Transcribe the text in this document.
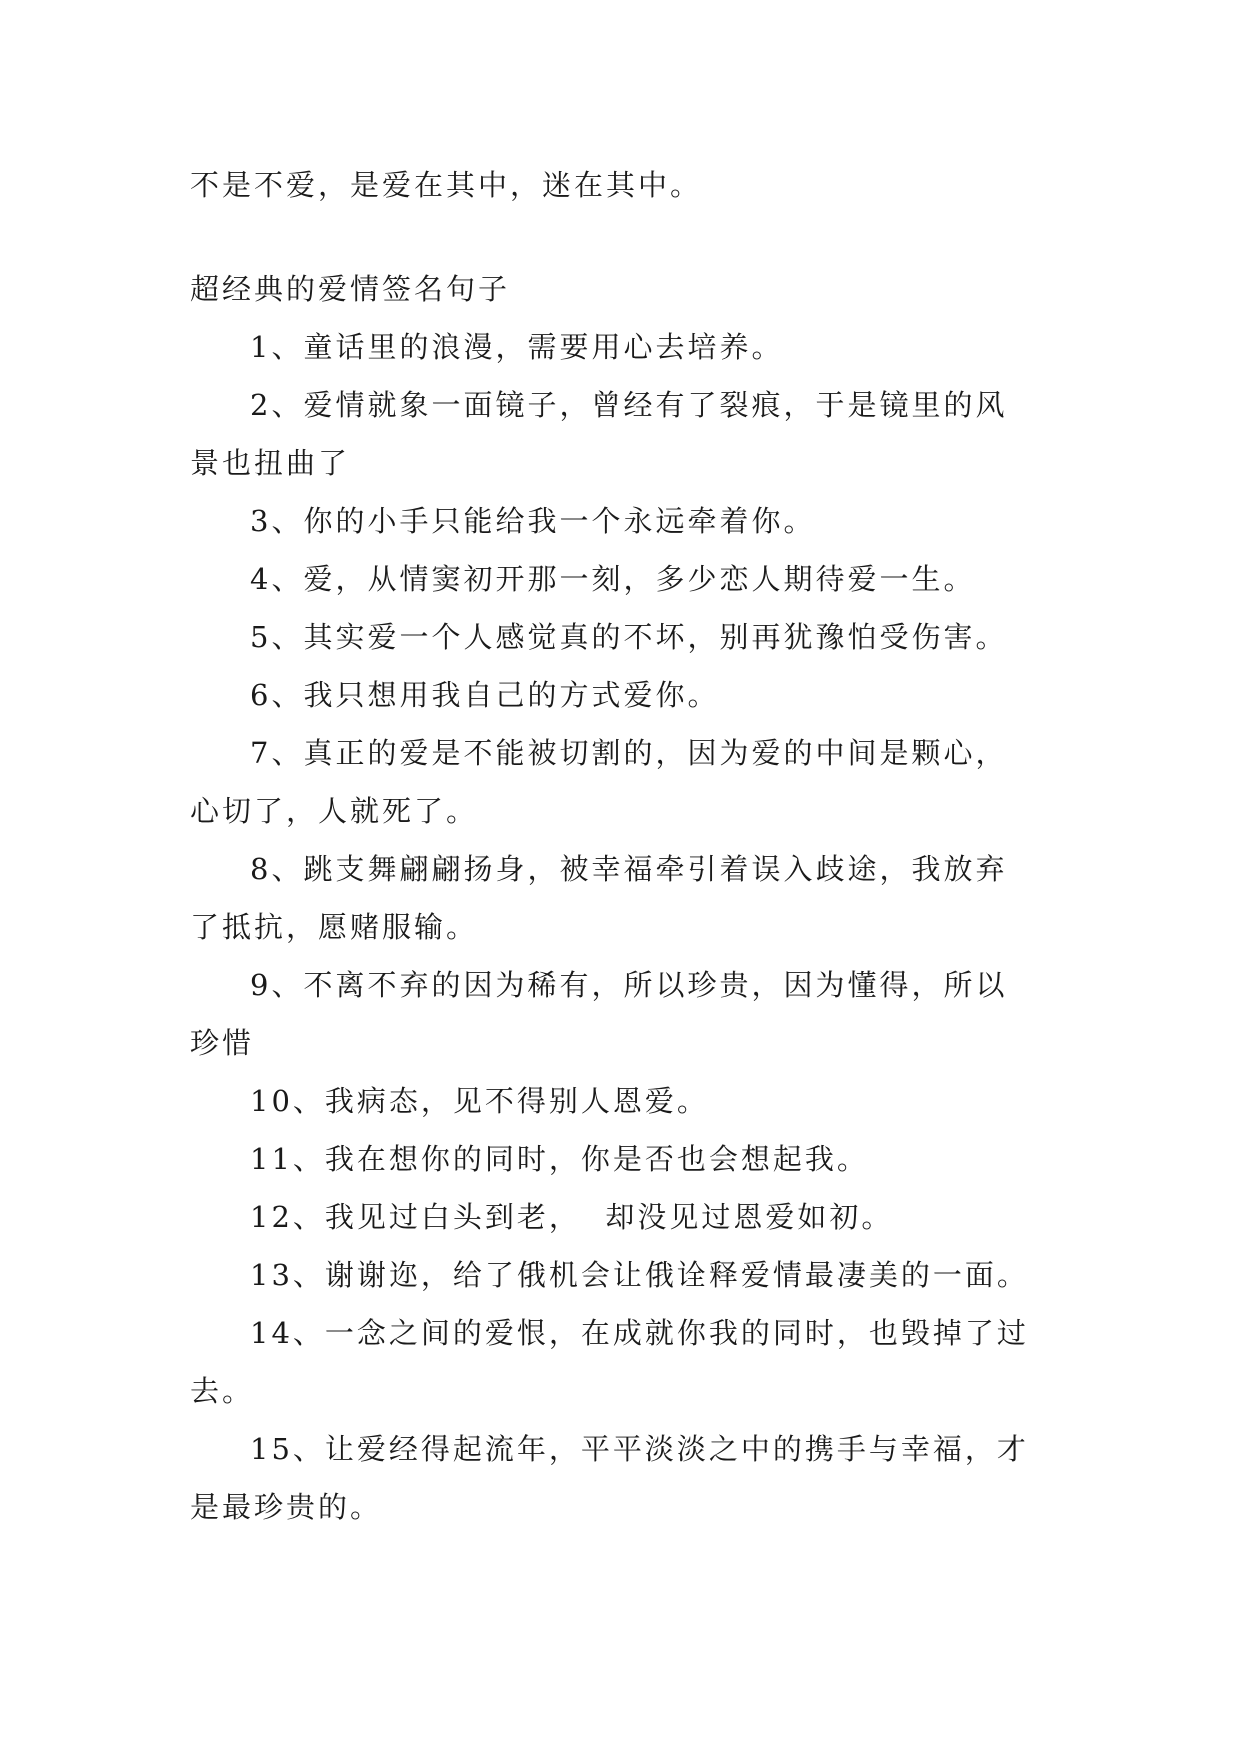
不是不爱，是爱在其中，迷在其中。
超经典的爱情签名句子
1、童话里的浪漫，需要用心去培养。
2、爱情就象一面镜子，曾经有了裂痕，于是镜里的风
景也扭曲了
3、你的小手只能给我一个永远牵着你。
4、爱，从情窦初开那一刻，多少恋人期待爱一生。
5、其实爱一个人感觉真的不坏，别再犹豫怕受伤害。
6、我只想用我自己的方式爱你。
7、真正的爱是不能被切割的，因为爱的中间是颗心，
心切了，人就死了。
8、跳支舞翩翩扬身，被幸福牵引着误入歧途，我放弃
了抵抗，愿赌服输。
9、不离不弃的因为稀有，所以珍贵，因为懂得，所以
珍惜
10、我病态，见不得别人恩爱。
11、我在想你的同时，你是否也会想起我。
12、我见过白头到老，  却没见过恩爱如初。
13、谢谢迩，给了俄机会让俄诠释爱情最凄美的一面。
14、一念之间的爱恨，在成就你我的同时，也毁掉了过
去。
15、让爱经得起流年，平平淡淡之中的携手与幸福，才
是最珍贵的。
